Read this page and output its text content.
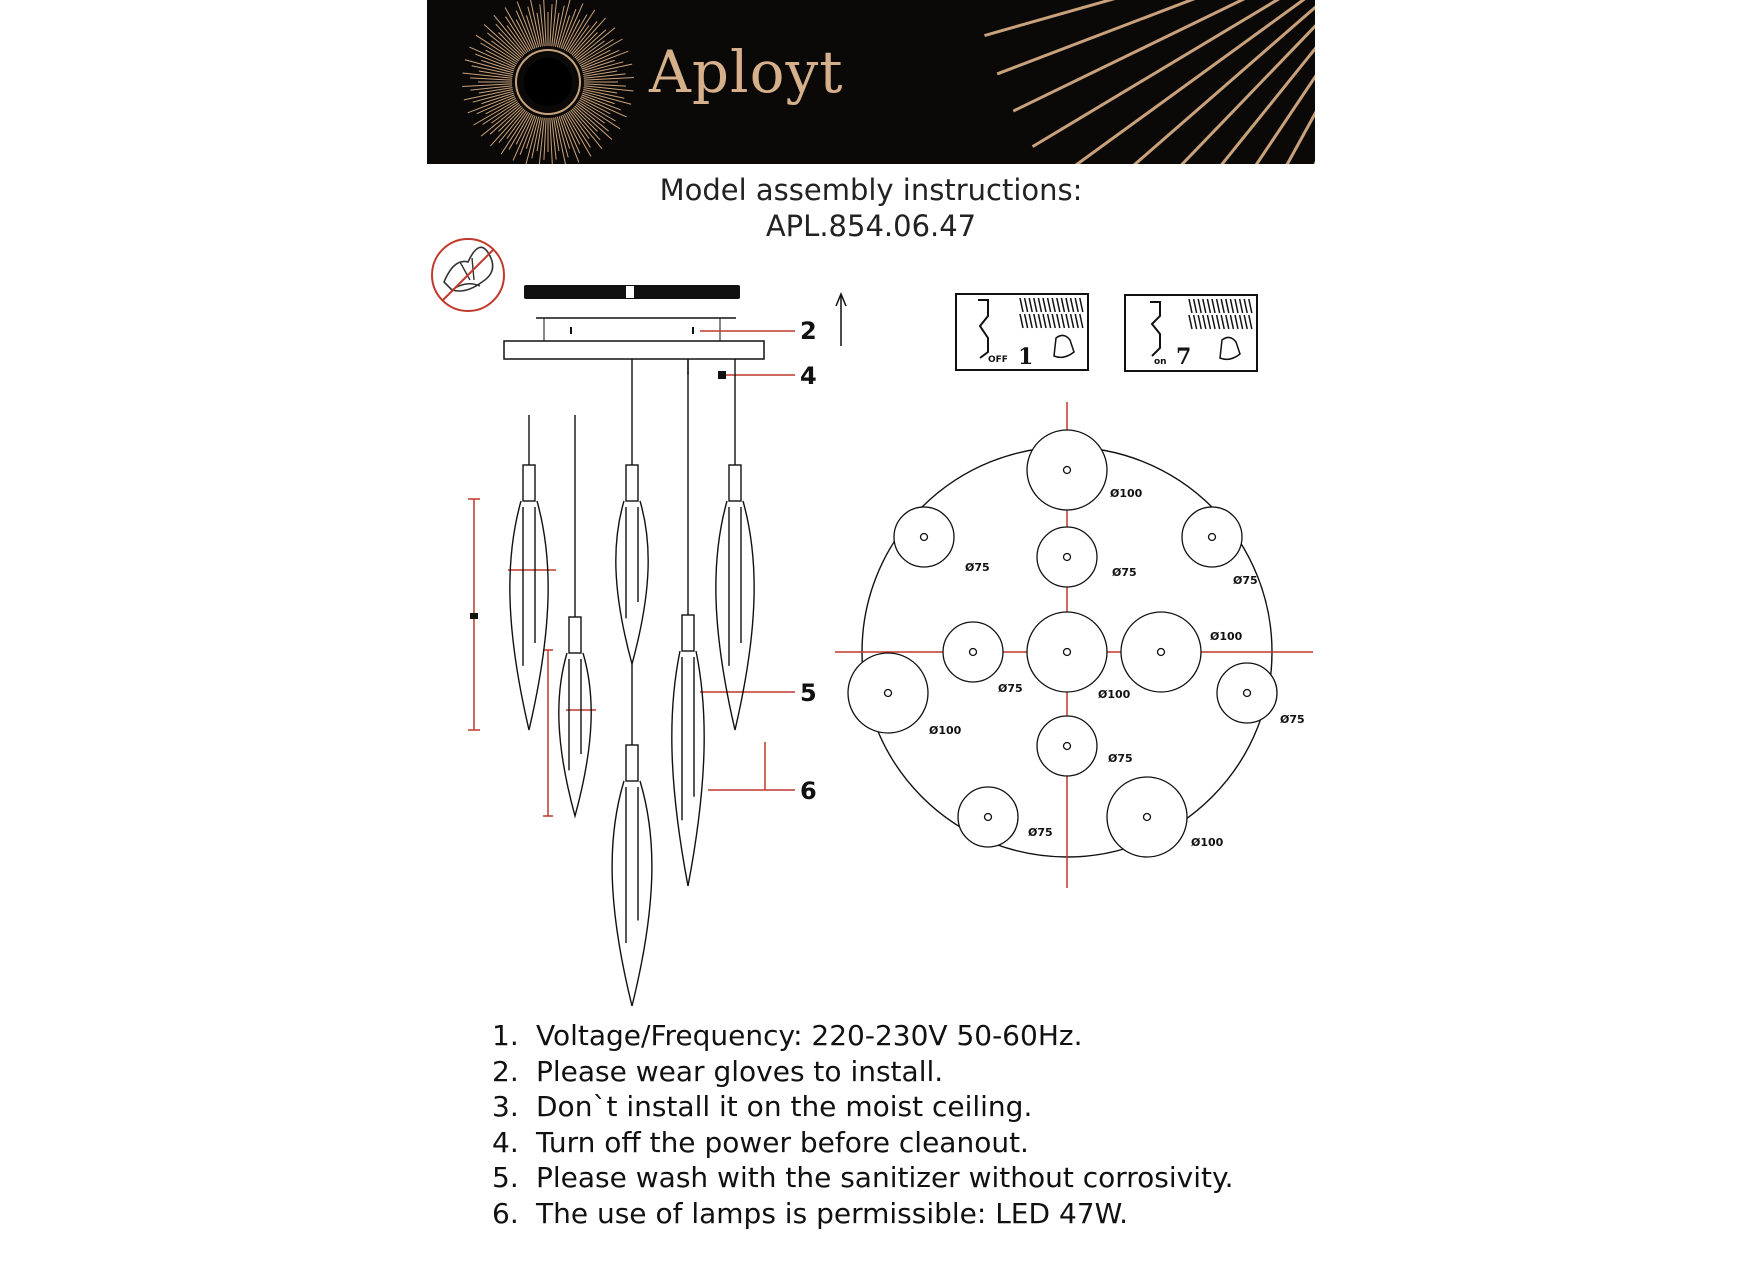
Aployt
Model assembly instructions:
APL.854.06.47
2
4
5
6
OFF 1	on 7
Ø100
Ø75	Ø75
Ø75
Ø100
Ø75	Ø100
Ø100
Ø75
Ø75
Ø75
Ø100
1. Voltage/Frequency: 220-230V 50-60Hz.
2. Please wear gloves to install.
3. Don`t install it on the moist ceiling.
4. Turn off the power before cleanout.
5. Please wash with the sanitizer without corrosivity.
6. The use of lamps is permissible: LED 47W.
